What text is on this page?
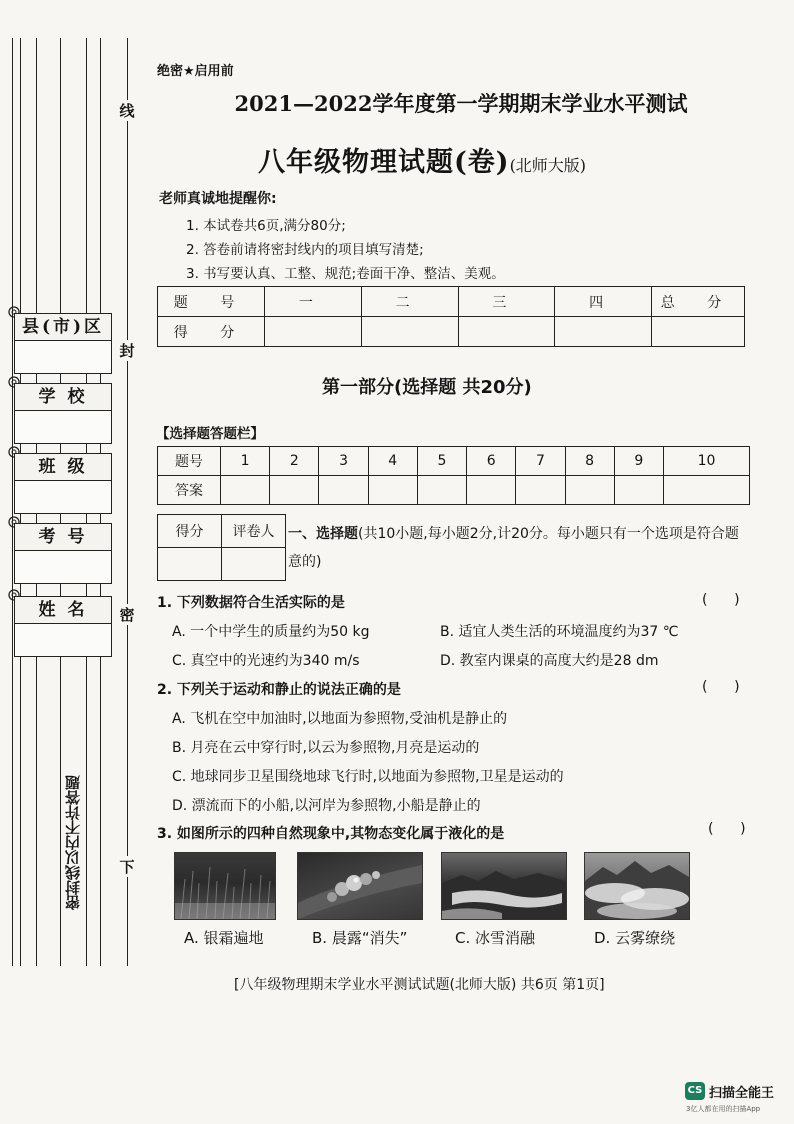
线
封
密
下
县(市)区
学 校
班 级
考 号
姓 名
密封线以内不许答题
绝密★启用前
2021—2022学年度第一学期期末学业水平测试
八年级物理试题(卷)(北师大版)
老师真诚地提醒你:
1. 本试卷共6页,满分80分;
2. 答卷前请将密封线内的项目填写清楚;
3. 书写要认真、工整、规范;卷面干净、整洁、美观。
题 号	一	二	三	四	总 分
得 分					
第一部分(选择题 共20分)
【选择题答题栏】
题号	1	2	3	4	5	6	7	8	9	10
答案										
得分	评卷人
	一、选择题(共10小题,每小题2分,计20分。每小题只有一个选项是符合题意的)
1. 下列数据符合生活实际的是	(      )
A. 一个中学生的质量约为50 kg	B. 适宜人类生活的环境温度约为37 ℃
C. 真空中的光速约为340 m/s	D. 教室内课桌的高度大约是28 dm
2. 下列关于运动和静止的说法正确的是	(      )
A. 飞机在空中加油时,以地面为参照物,受油机是静止的
B. 月亮在云中穿行时,以云为参照物,月亮是运动的
C. 地球同步卫星围绕地球飞行时,以地面为参照物,卫星是运动的
D. 漂流而下的小船,以河岸为参照物,小船是静止的
3. 如图所示的四种自然现象中,其物态变化属于液化的是	(      )
A. 银霜遍地	B. 晨露“消失”	C. 冰雪消融	D. 云雾缭绕
[八年级物理期末学业水平测试试题(北师大版) 共6页 第1页]
CS 扫描全能王
3亿人都在用的扫描App
